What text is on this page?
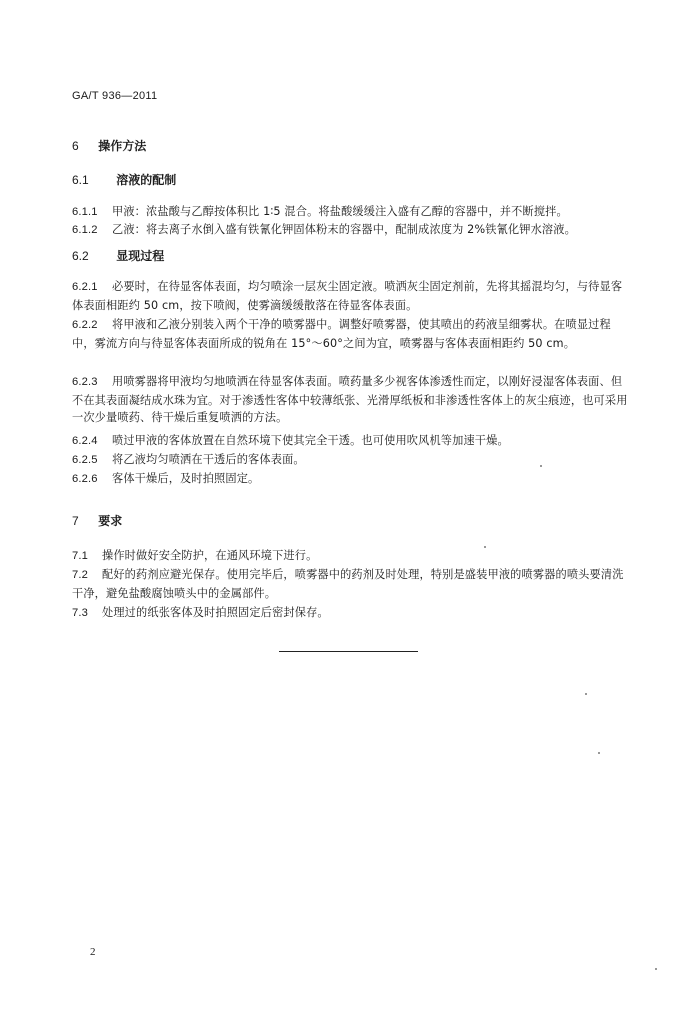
GA/T 936—2011
6 操作方法
6.1 溶液的配制

6.1.1 甲液：浓盐酸与乙醇按体积比 1∶5 混合。将盐酸缓缓注入盛有乙醇的容器中，并不断搅拌。

6.1.2 乙液：将去离子水倒入盛有铁氰化钾固体粉末的容器中，配制成浓度为 2%铁氰化钾水溶液。

6.2 显现过程

6.2.1 必要时，在待显客体表面，均匀喷涂一层灰尘固定液。喷洒灰尘固定剂前，先将其摇混均匀，与待显客体表面相距约 50 cm，按下喷阀，使雾滴缓缓散落在待显客体表面。

6.2.2 将甲液和乙液分别装入两个干净的喷雾器中。调整好喷雾器，使其喷出的药液呈细雾状。在喷显过程中，雾流方向与待显客体表面所成的锐角在 15°～60°之间为宜，喷雾器与客体表面相距约 50 cm。

6.2.3 用喷雾器将甲液均匀地喷洒在待显客体表面。喷药量多少视客体渗透性而定，以刚好浸湿客体表面、但不在其表面凝结成水珠为宜。对于渗透性客体中较薄纸张、光滑厚纸板和非渗透性客体上的灰尘痕迹，也可采用一次少量喷药、待干燥后重复喷洒的方法。

6.2.4 喷过甲液的客体放置在自然环境下使其完全干透。也可使用吹风机等加速干燥。

6.2.5 将乙液均匀喷洒在干透后的客体表面。

6.2.6 客体干燥后，及时拍照固定。

7 要求

7.1 操作时做好安全防护，在通风环境下进行。

7.2 配好的药剂应避光保存。使用完毕后，喷雾器中的药剂及时处理，特别是盛装甲液的喷雾器的喷头要清洗干净，避免盐酸腐蚀喷头中的金属部件。

7.3 处理过的纸张客体及时拍照固定后密封保存。

2
